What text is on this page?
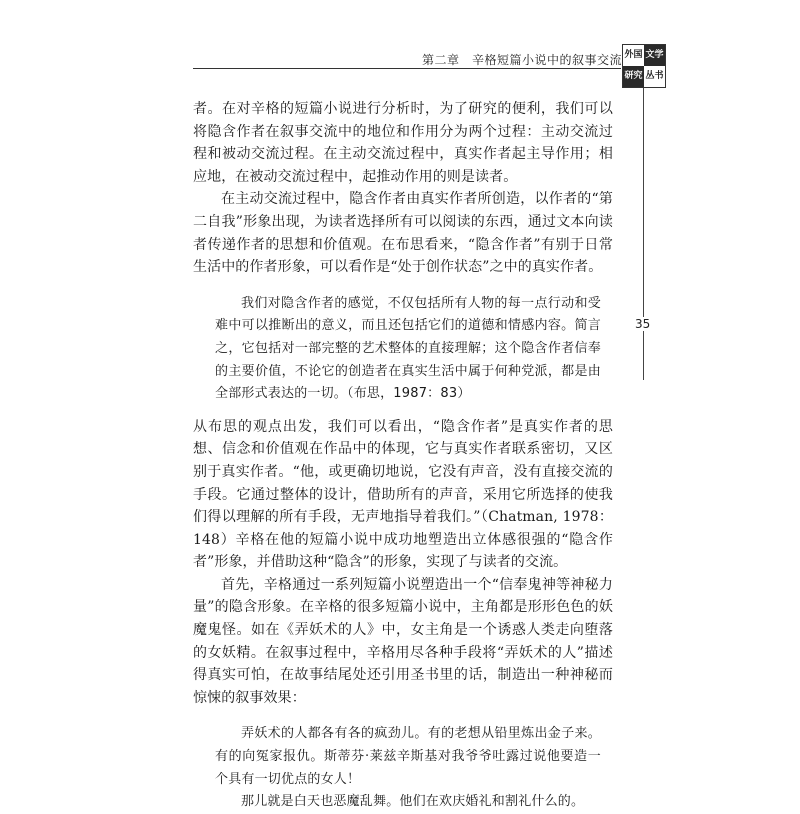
第二章　辛格短篇小说中的叙事交流 外国 文学
研究 丛书
35

者。在对辛格的短篇小说进行分析时，为了研究的便利，我们可以将隐含作者在叙事交流中的地位和作用分为两个过程：主动交流过程和被动交流过程。在主动交流过程中，真实作者起主导作用；相应地，在被动交流过程中，起推动作用的则是读者。

在主动交流过程中，隐含作者由真实作者所创造，以作者的“第二自我”形象出现，为读者选择所有可以阅读的东西，通过文本向读者传递作者的思想和价值观。在布思看来，“隐含作者”有别于日常生活中的作者形象，可以看作是“处于创作状态”之中的真实作者。

我们对隐含作者的感觉，不仅包括所有人物的每一点行动和受难中可以推断出的意义，而且还包括它们的道德和情感内容。简言之，它包括对一部完整的艺术整体的直接理解；这个隐含作者信奉的主要价值，不论它的创造者在真实生活中属于何种党派，都是由全部形式表达的一切。（布思，1987：83）

从布思的观点出发，我们可以看出，“隐含作者”是真实作者的思想、信念和价值观在作品中的体现，它与真实作者联系密切，又区别于真实作者。“他，或更确切地说，它没有声音，没有直接交流的手段。它通过整体的设计，借助所有的声音，采用它所选择的使我们得以理解的所有手段，无声地指导着我们。”（Chatman, 1978：148）辛格在他的短篇小说中成功地塑造出立体感很强的“隐含作者”形象，并借助这种“隐含”的形象，实现了与读者的交流。

首先，辛格通过一系列短篇小说塑造出一个“信奉鬼神等神秘力量”的隐含形象。在辛格的很多短篇小说中，主角都是形形色色的妖魔鬼怪。如在《弄妖术的人》中，女主角是一个诱惑人类走向堕落的女妖精。在叙事过程中，辛格用尽各种手段将“弄妖术的人”描述得真实可怕，在故事结尾处还引用圣书里的话，制造出一种神秘而惊悚的叙事效果：

弄妖术的人都各有各的疯劲儿。有的老想从铅里炼出金子来。有的向冤家报仇。斯蒂芬·莱兹辛斯基对我爷爷吐露过说他要造一个具有一切优点的女人！

那儿就是白天也恶魔乱舞。他们在欢庆婚礼和割礼什么的。
